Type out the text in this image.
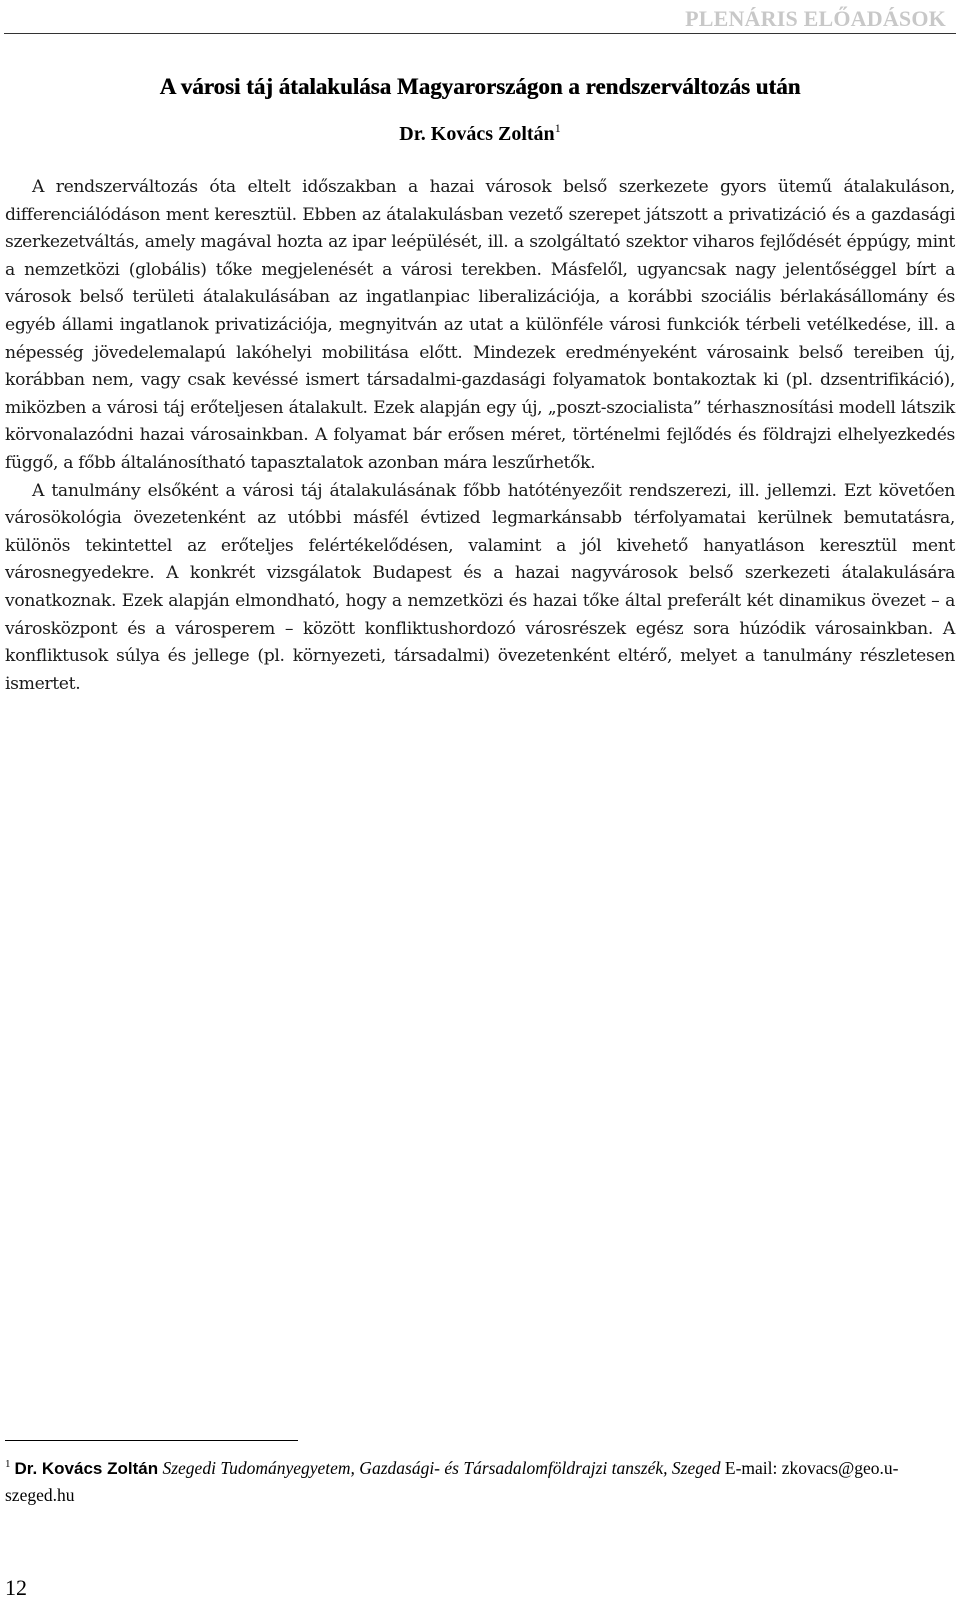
PLENÁRIS ELŐADÁSOK
A városi táj átalakulása Magyarországon a rendszerváltozás után
Dr. Kovács Zoltán$^1$

A rendszerváltozás óta eltelt időszakban a hazai városok belső szerkezete gyors ütemű átalakuláson, differenciálódáson ment keresztül. Ebben az átalakulásban vezető szerepet játszott a privatizáció és a gazdasági szerkezetváltás, amely magával hozta az ipar leépülését, ill. a szolgáltató szektor viharos fejlődését éppúgy, mint a nemzetközi (globális) tőke megjelenését a városi terekben. Másfelől, ugyancsak nagy jelentőséggel bírt a városok belső területi átalakulásában az ingatlanpiac liberalizációja, a korábbi szociális bérlakásállomány és egyéb állami ingatlanok privatizációja, megnyitván az utat a különféle városi funkciók térbeli vetélkedése, ill. a népesség jövedelemalapú lakóhelyi mobilitása előtt. Mindezek eredményeként városaink belső tereiben új, korábban nem, vagy csak kevéssé ismert társadalmi-gazdasági folyamatok bontakoztak ki (pl. dzsentrifikáció), miközben a városi táj erőteljesen átalakult. Ezek alapján egy új, „poszt-szocialista” térhasznosítási modell látszik körvonalazódni hazai városainkban. A folyamat bár erősen méret, történelmi fejlődés és földrajzi elhelyezkedés függő, a főbb általánosítható tapasztalatok azonban mára leszűrhetők.

A tanulmány elsőként a városi táj átalakulásának főbb hatótényezőit rendszerezi, ill. jellemzi. Ezt követően városökológia övezetenként az utóbbi másfél évtized legmarkánsabb térfolyamatai kerülnek bemutatásra, különös tekintettel az erőteljes felértékelődésen, valamint a jól kivehető hanyatláson keresztül ment városnegyedekre. A konkrét vizsgálatok Budapest és a hazai nagyvárosok belső szerkezeti átalakulására vonatkoznak. Ezek alapján elmondható, hogy a nemzetközi és hazai tőke által preferált két dinamikus övezet – a városközpont és a városperem – között konfliktushordozó városrészek egész sora húzódik városainkban. A konfliktusok súlya és jellege (pl. környezeti, társadalmi) övezetenként eltérő, melyet a tanulmány részletesen ismertet.

$^1$ Dr. Kovács Zoltán Szegedi Tudományegyetem, Gazdasági- és Társadalomföldrajzi tanszék, Szeged E-mail: zkovacs@geo.u-szeged.hu
12
